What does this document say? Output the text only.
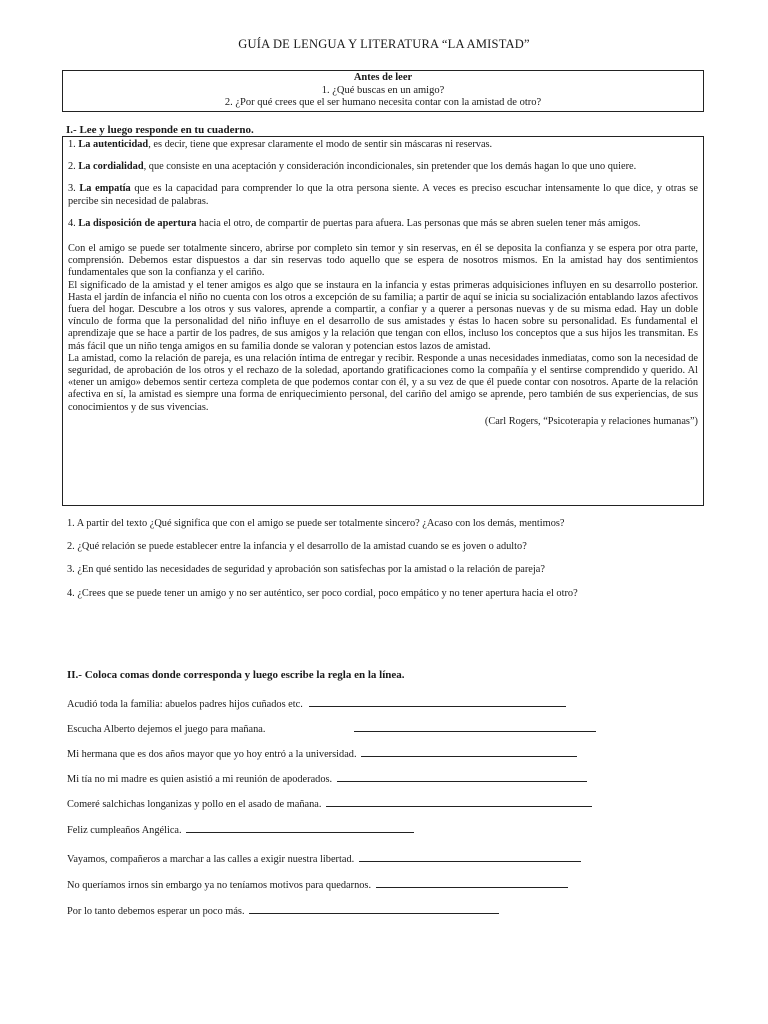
GUÍA DE LENGUA Y LITERATURA “LA AMISTAD”
Antes de leer
1. ¿Qué buscas en un amigo?
2. ¿Por qué crees que el ser humano necesita contar con la amistad de otro?
I.- Lee y luego responde en tu cuaderno.

1. La autenticidad, es decir, tiene que expresar claramente el modo de sentir sin máscaras ni reservas.

2. La cordialidad, que consiste en una aceptación y consideración incondicionales, sin pretender que los demás hagan lo que uno quiere.

3. La empatía que es la capacidad para comprender lo que la otra persona siente. A veces es preciso escuchar intensamente lo que dice, y otras se percibe sin necesidad de palabras.

4. La disposición de apertura hacia el otro, de compartir de puertas para afuera. Las personas que más se abren suelen tener más amigos.

Con el amigo se puede ser totalmente sincero, abrirse por completo sin temor y sin reservas, en él se deposita la confianza y se espera por otra parte, comprensión. Debemos estar dispuestos a dar sin reservas todo aquello que se espera de nosotros mismos. En la amistad hay dos sentimientos fundamentales que son la confianza y el cariño.

El significado de la amistad y el tener amigos es algo que se instaura en la infancia y estas primeras adquisiciones influyen en su desarrollo posterior. Hasta el jardín de infancia el niño no cuenta con los otros a excepción de su familia; a partir de aquí se inicia su socialización entablando lazos afectivos fuera del hogar. Descubre a los otros y sus valores, aprende a compartir, a confiar y a querer a personas nuevas y de su misma edad. Hay un doble vínculo de forma que la personalidad del niño influye en el desarrollo de sus amistades y éstas lo hacen sobre su personalidad. Es fundamental el aprendizaje que se hace a partir de los padres, de sus amigos y la relación que tengan con ellos, incluso los conceptos que a sus hijos les transmitan. Es más fácil que un niño tenga amigos en su familia donde se valoran y potencian estos lazos de amistad.

La amistad, como la relación de pareja, es una relación íntima de entregar y recibir. Responde a unas necesidades inmediatas, como son la necesidad de seguridad, de aprobación de los otros y el rechazo de la soledad, aportando gratificaciones como la compañía y el sentirse comprendido y querido. Al «tener un amigo» debemos sentir certeza completa de que podemos contar con él, y a su vez de que él puede contar con nosotros. Aparte de la relación afectiva en sí, la amistad es siempre una forma de enriquecimiento personal, del cariño del amigo se aprende, pero también de sus experiencias, de sus conocimientos y de sus vivencias.

(Carl Rogers, “Psicoterapia y relaciones humanas”)

1. A partir del texto ¿Qué significa que con el amigo se puede ser totalmente sincero? ¿Acaso con los demás, mentimos?

2. ¿Qué relación se puede establecer entre la infancia y el desarrollo de la amistad cuando se es joven o adulto?

3. ¿En qué sentido las necesidades de seguridad y aprobación son satisfechas por la amistad o la relación de pareja?

4. ¿Crees que se puede tener un amigo y no ser auténtico, ser poco cordial, poco empático y no tener apertura hacia el otro?

II.- Coloca comas donde corresponda y luego escribe la regla en la línea.
Acudió toda la familia: abuelos padres hijos cuñados etc.
Escucha Alberto dejemos el juego para mañana.
Mi hermana que es dos años mayor que yo hoy entró a la universidad.
Mi tía no mi madre es quien asistió a mi reunión de apoderados.
Comeré salchichas longanizas y pollo en el asado de mañana.
Feliz cumpleaños Angélica.
Vayamos, compañeros a marchar a las calles a exigir nuestra libertad.
No queríamos irnos sin embargo ya no teníamos motivos para quedarnos.
Por lo tanto debemos esperar un poco más.
